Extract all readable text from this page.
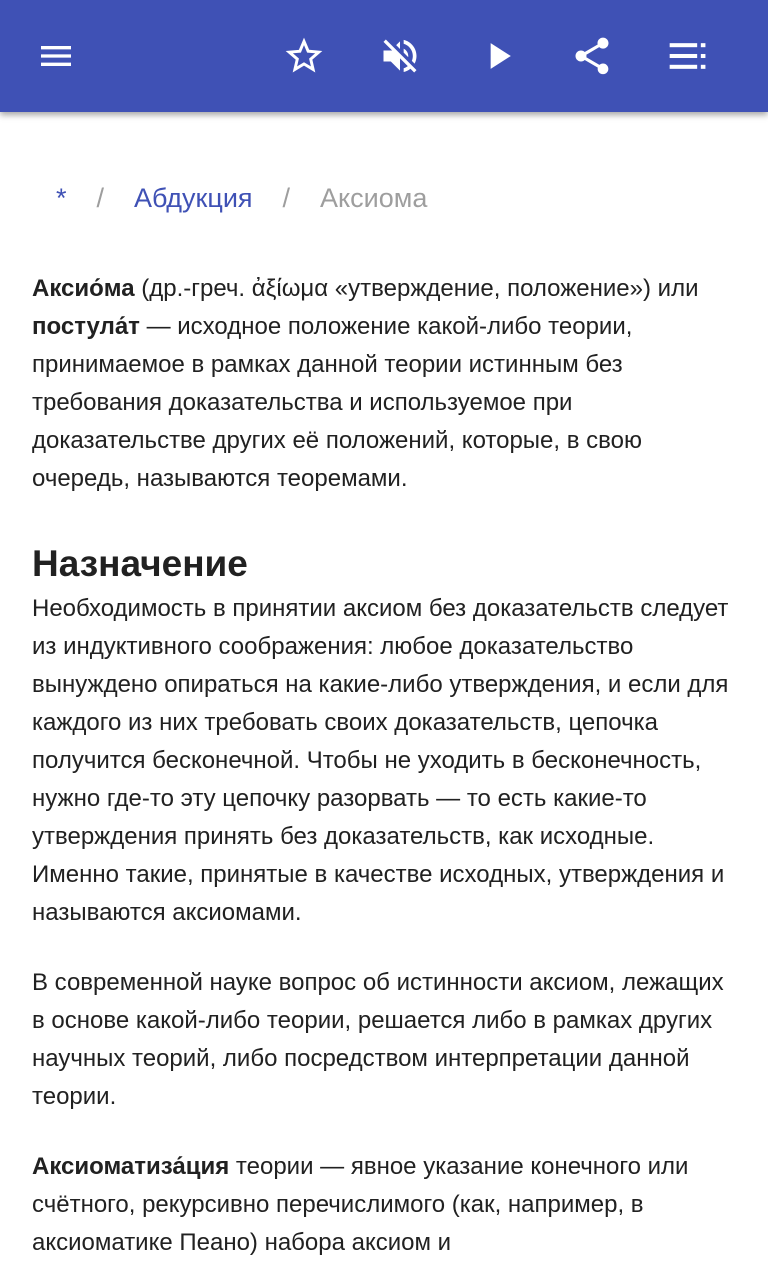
* / Абдукция / Аксиома

Аксио́ма (др.-греч. ἀξίωμα «утверждение, положение») или постула́т — исходное положение какой-либо теории, принимаемое в рамках данной теории истинным без требования доказательства и используемое при доказательстве других её положений, которые, в свою очередь, называются теоремами.

Назначение

Необходимость в принятии аксиом без доказательств следует из индуктивного соображения: любое доказательство вынуждено опираться на какие-либо утверждения, и если для каждого из них требовать своих доказательств, цепочка получится бесконечной. Чтобы не уходить в бесконечность, нужно где-то эту цепочку разорвать — то есть какие-то утверждения принять без доказательств, как исходные. Именно такие, принятые в качестве исходных, утверждения и называются аксиомами.

В современной науке вопрос об истинности аксиом, лежащих в основе какой-либо теории, решается либо в рамках других научных теорий, либо посредством интерпретации данной теории.

Аксиоматиза́ция теории — явное указание конечного или счётного, рекурсивно перечислимого (как, например, в аксиоматике Пеано) набора аксиом и
